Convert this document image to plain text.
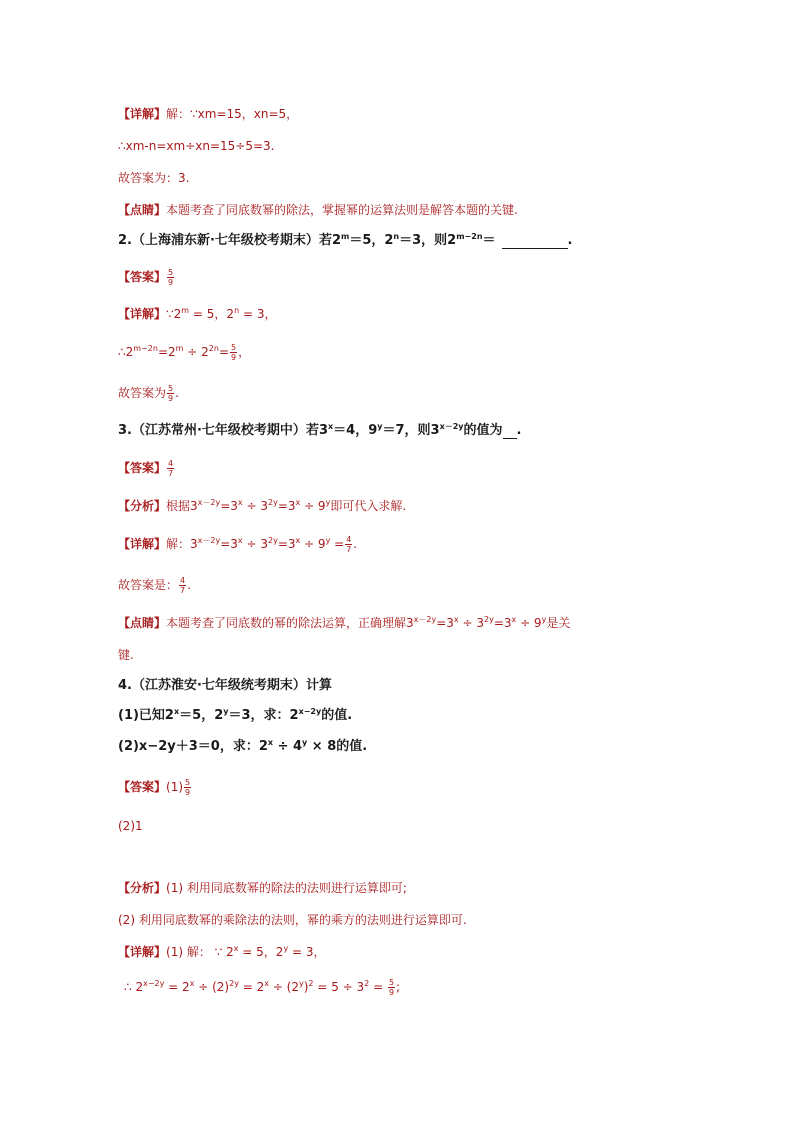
【详解】解：∵xm=15，xn=5，
∴xm-n=xm÷xn=15÷5=3.
故答案为：3.
【点睛】本题考查了同底数幂的除法，掌握幂的运算法则是解答本题的关键.
2.（上海浦东新·七年级校考期末）若$2^m=5$，$2^n=3$，则$2^{m-2n}=$	.
【答案】 $\frac{5}{9}$
【详解】$\because 2^m = 5$，$2^n = 3$，
$\therefore 2^{m-2n}=2^m \div 2^{2n}= \frac{5}{9}$ ，
故答案为 $\frac{5}{9}$ .
3.（江苏常州·七年级校考期中）若$3^x=4$，$9^y=7$，则$3^{x-2y}$的值为 .
【答案】 $\frac{4}{7}$
【分析】根据$3^{x-2y}=3^x \div 3^{2y}=3^x \div 9^y$即可代入求解.
【详解】解：$3^{x-2y}=3^x \div 3^{2y}=3^x \div 9^y = \frac{4}{7}$ .
故答案是： $\frac{4}{7}$ .
【点睛】本题考查了同底数的幂的除法运算，正确理解$3^{x-2y}=3^x \div 3^{2y}=3^x \div 9^y$是关
键.
4.（江苏淮安·七年级统考期末）计算
(1)已知$2^x=5$，$2^y=3$，求：$2^{x-2y}$的值.
(2)x−2y＋3＝0，求：$2^x \div 4^y \times 8$的值.
【答案】$(1) \frac{5}{9}$
(2)1
【分析】(1) 利用同底数幂的除法的法则进行运算即可;
(2) 利用同底数幂的乘除法的法则，幂的乘方的法则进行运算即可.
【详解】(1) 解： ∵ $2^x = 5$，$2^y = 3$，
∴ $2^{x-2y} = 2^x \div (2)^{2y} = 2^x \div (2^y)^2 = 5 \div 3^2 = \frac{5}{9}$ ;
